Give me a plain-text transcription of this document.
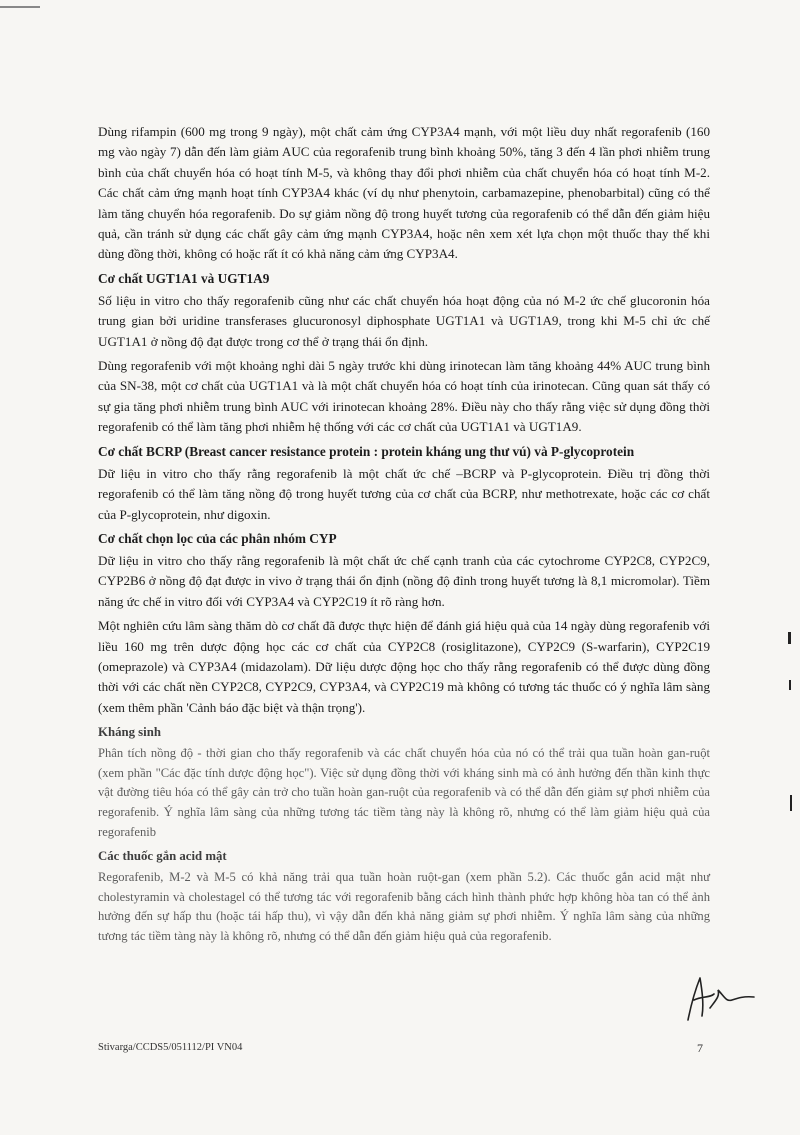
Dùng rifampin (600 mg trong 9 ngày), một chất cảm ứng CYP3A4 mạnh, với một liều duy nhất regorafenib (160 mg vào ngày 7) dẫn đến làm giảm AUC của regorafenib trung bình khoảng 50%, tăng 3 đến 4 lần phơi nhiễm trung bình của chất chuyển hóa có hoạt tính M-5, và không thay đổi phơi nhiễm của chất chuyển hóa có hoạt tính M-2. Các chất cảm ứng mạnh hoạt tính CYP3A4 khác (ví dụ như phenytoin, carbamazepine, phenobarbital) cũng có thể làm tăng chuyển hóa regorafenib. Do sự giảm nồng độ trong huyết tương của regorafenib có thể dẫn đến giảm hiệu quả, cần tránh sử dụng các chất gây cảm ứng mạnh CYP3A4, hoặc nên xem xét lựa chọn một thuốc thay thế khi dùng đồng thời, không có hoặc rất ít có khả năng cảm ứng CYP3A4.

Cơ chất UGT1A1 và UGT1A9

Số liệu in vitro cho thấy regorafenib cũng như các chất chuyển hóa hoạt động của nó M-2 ức chế glucoronin hóa trung gian bởi uridine transferases glucuronosyl diphosphate UGT1A1 và UGT1A9, trong khi M-5 chỉ ức chế UGT1A1 ở nồng độ đạt được trong cơ thể ở trạng thái ổn định.

Dùng regorafenib với một khoảng nghỉ dài 5 ngày trước khi dùng irinotecan làm tăng khoảng 44% AUC trung bình của SN-38, một cơ chất của UGT1A1 và là một chất chuyển hóa có hoạt tính của irinotecan. Cũng quan sát thấy có sự gia tăng phơi nhiễm trung bình AUC với irinotecan khoảng 28%. Điều này cho thấy rằng việc sử dụng đồng thời regorafenib có thể làm tăng phơi nhiễm hệ thống với các cơ chất của UGT1A1 và UGT1A9.

Cơ chất BCRP (Breast cancer resistance protein : protein kháng ung thư vú) và P-glycoprotein

Dữ liệu in vitro cho thấy rằng regorafenib là một chất ức chế –BCRP và P-glycoprotein. Điều trị đồng thời regorafenib có thể làm tăng nồng độ trong huyết tương của cơ chất của BCRP, như methotrexate, hoặc các cơ chất của P-glycoprotein, như digoxin.

Cơ chất chọn lọc của các phân nhóm CYP

Dữ liệu in vitro cho thấy rằng regorafenib là một chất ức chế cạnh tranh của các cytochrome CYP2C8, CYP2C9, CYP2B6 ở nồng độ đạt được in vivo ở trạng thái ổn định (nồng độ đỉnh trong huyết tương là 8,1 micromolar). Tiềm năng ức chế in vitro đối với CYP3A4 và CYP2C19 ít rõ ràng hơn.

Một nghiên cứu lâm sàng thăm dò cơ chất đã được thực hiện để đánh giá hiệu quả của 14 ngày dùng regorafenib với liều 160 mg trên dược động học các cơ chất của CYP2C8 (rosiglitazone), CYP2C9 (S-warfarin), CYP2C19 (omeprazole) và CYP3A4 (midazolam). Dữ liệu dược động học cho thấy rằng regorafenib có thể được dùng đồng thời với các chất nền CYP2C8, CYP2C9, CYP3A4, và CYP2C19 mà không có tương tác thuốc có ý nghĩa lâm sàng (xem thêm phần 'Cảnh báo đặc biệt và thận trọng').

Kháng sinh

Phân tích nồng độ - thời gian cho thấy regorafenib và các chất chuyển hóa của nó có thể trải qua tuần hoàn gan-ruột (xem phần "Các đặc tính dược động học"). Việc sử dụng đồng thời với kháng sinh mà có ảnh hưởng đến thần kinh thực vật đường tiêu hóa có thể gây cản trở cho tuần hoàn gan-ruột của regorafenib và có thể dẫn đến giảm sự phơi nhiễm của regorafenib. Ý nghĩa lâm sàng của những tương tác tiềm tàng này là không rõ, nhưng có thể làm giảm hiệu quả của regorafenib

Các thuốc gắn acid mật

Regorafenib, M-2 và M-5 có khả năng trải qua tuần hoàn ruột-gan (xem phần 5.2). Các thuốc gắn acid mật như cholestyramin và cholestagel có thể tương tác với regorafenib bằng cách hình thành phức hợp không hòa tan có thể ảnh hưởng đến sự hấp thu (hoặc tái hấp thu), vì vậy dẫn đến khả năng giảm sự phơi nhiễm. Ý nghĩa lâm sàng của những tương tác tiềm tàng này là không rõ, nhưng có thể dẫn đến giảm hiệu quả của regorafenib.

Stivarga/CCDS5/051112/PI VN04	7
